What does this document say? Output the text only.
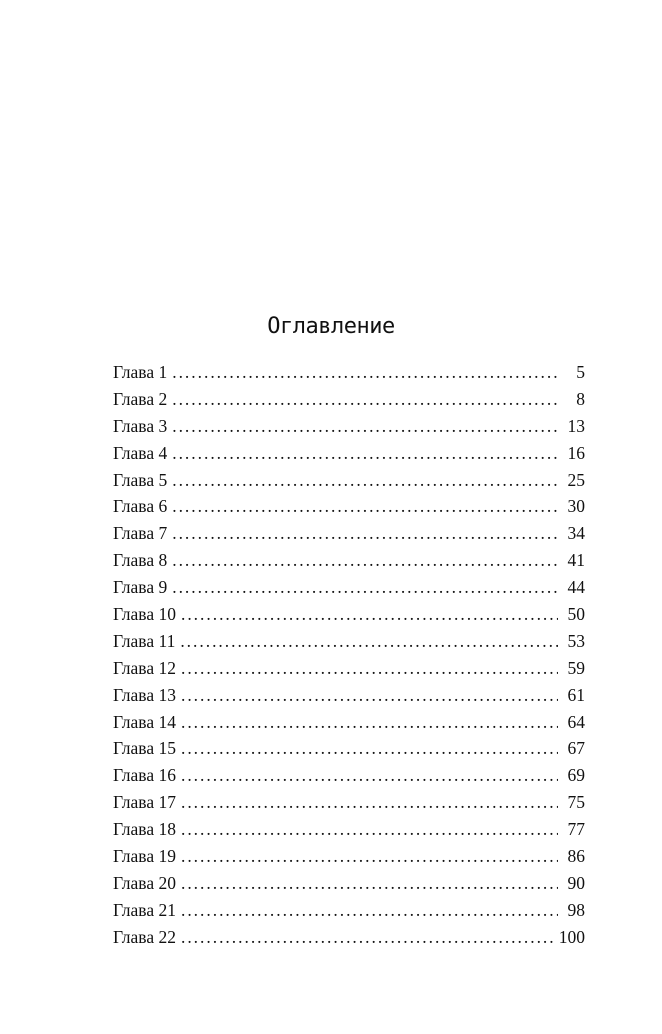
Оглавление
Глава 1 . . .	5
Глава 2 . . .	8
Глава 3 . . .	13
Глава 4 . . .	16
Глава 5 . . .	25
Глава 6 . . .	30
Глава 7 . . .	34
Глава 8 . . .	41
Глава 9 . . .	44
Глава 10 . . .	50
Глава 11 . . .	53
Глава 12 . . .	59
Глава 13 . . .	61
Глава 14 . . .	64
Глава 15 . . .	67
Глава 16 . . .	69
Глава 17 . . .	75
Глава 18 . . .	77
Глава 19 . . .	86
Глава 20 . . .	90
Глава 21 . . .	98
Глава 22 . . .	100
